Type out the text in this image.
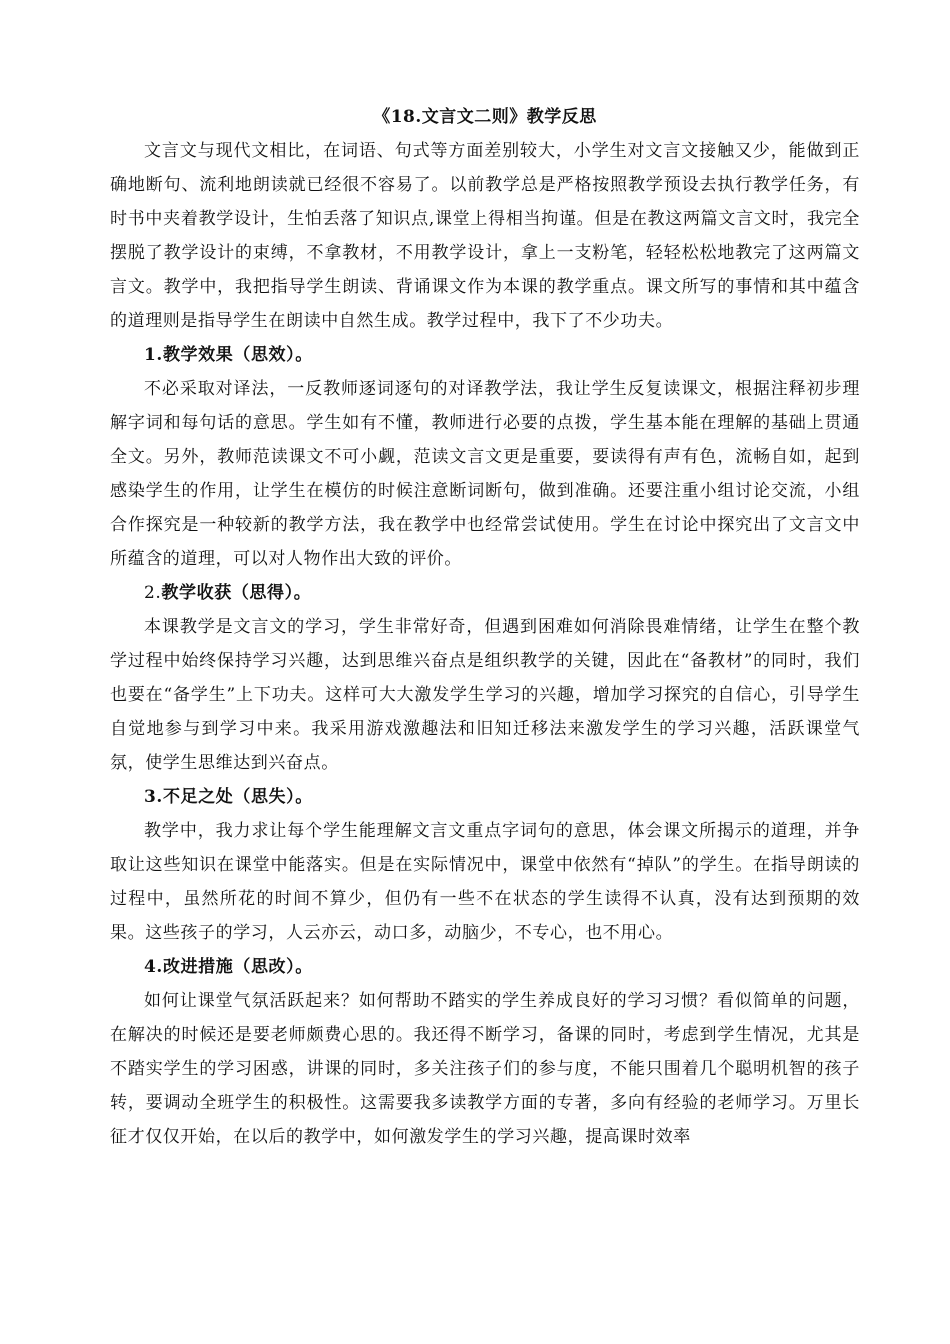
《18.文言文二则》教学反思

文言文与现代文相比，在词语、句式等方面差别较大，小学生对文言文接触又少，能做到正确地断句、流利地朗读就已经很不容易了。以前教学总是严格按照教学预设去执行教学任务，有时书中夹着教学设计，生怕丢落了知识点,课堂上得相当拘谨。但是在教这两篇文言文时，我完全摆脱了教学设计的束缚，不拿教材，不用教学设计，拿上一支粉笔，轻轻松松地教完了这两篇文言文。教学中，我把指导学生朗读、背诵课文作为本课的教学重点。课文所写的事情和其中蕴含的道理则是指导学生在朗读中自然生成。教学过程中，我下了不少功夫。

1.教学效果（思效）。

不必采取对译法，一反教师逐词逐句的对译教学法，我让学生反复读课文，根据注释初步理解字词和每句话的意思。学生如有不懂，教师进行必要的点拨，学生基本能在理解的基础上贯通全文。另外，教师范读课文不可小觑，范读文言文更是重要，要读得有声有色，流畅自如，起到感染学生的作用，让学生在模仿的时候注意断词断句，做到准确。还要注重小组讨论交流，小组合作探究是一种较新的教学方法，我在教学中也经常尝试使用。学生在讨论中探究出了文言文中所蕴含的道理，可以对人物作出大致的评价。

2.教学收获（思得）。

本课教学是文言文的学习，学生非常好奇，但遇到困难如何消除畏难情绪，让学生在整个教学过程中始终保持学习兴趣，达到思维兴奋点是组织教学的关键，因此在“备教材”的同时，我们也要在“备学生”上下功夫。这样可大大激发学生学习的兴趣，增加学习探究的自信心，引导学生自觉地参与到学习中来。我采用游戏激趣法和旧知迁移法来激发学生的学习兴趣，活跃课堂气氛，使学生思维达到兴奋点。

3.不足之处（思失）。

教学中，我力求让每个学生能理解文言文重点字词句的意思，体会课文所揭示的道理，并争取让这些知识在课堂中能落实。但是在实际情况中，课堂中依然有“掉队”的学生。在指导朗读的过程中，虽然所花的时间不算少，但仍有一些不在状态的学生读得不认真，没有达到预期的效果。这些孩子的学习，人云亦云，动口多，动脑少，不专心，也不用心。

4.改进措施（思改）。

如何让课堂气氛活跃起来？如何帮助不踏实的学生养成良好的学习习惯？看似简单的问题，在解决的时候还是要老师颇费心思的。我还得不断学习，备课的同时，考虑到学生情况，尤其是不踏实学生的学习困惑，讲课的同时，多关注孩子们的参与度，不能只围着几个聪明机智的孩子转，要调动全班学生的积极性。这需要我多读教学方面的专著，多向有经验的老师学习。万里长征才仅仅开始，在以后的教学中，如何激发学生的学习兴趣，提高课时效率
